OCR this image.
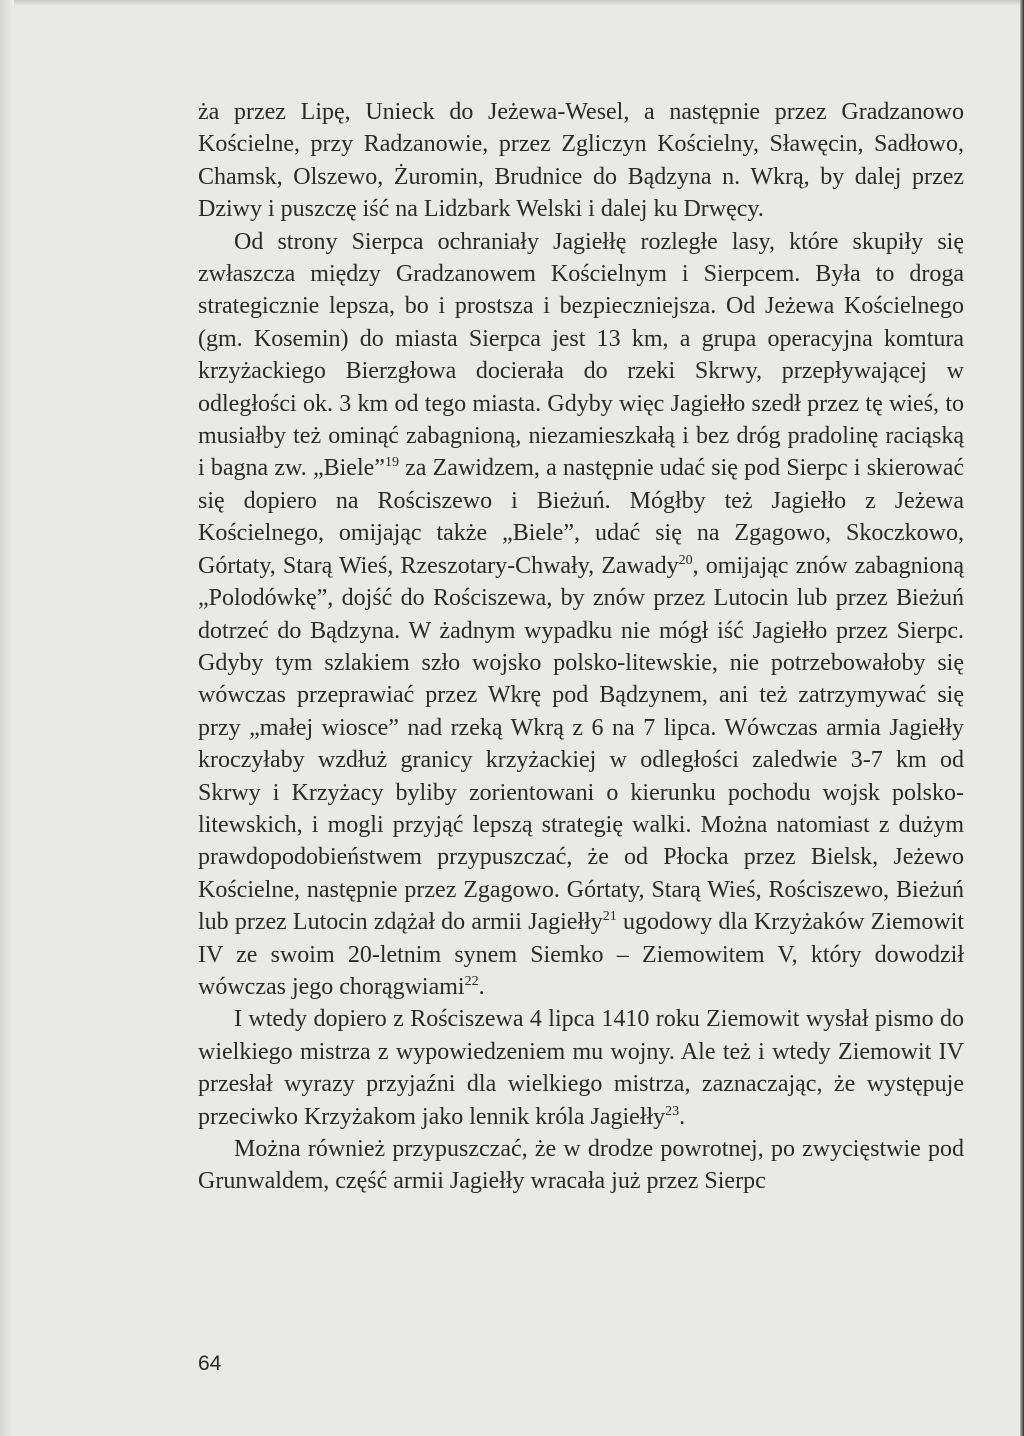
ża przez Lipę, Unieck do Jeżewa-Wesel, a następnie przez Gradzanowo Kościelne, przy Radzanowie, przez Zgliczyn Kościelny, Sławęcin, Sadłowo, Chamsk, Olszewo, Żuromin, Brudnice do Bądzyna n. Wkrą, by dalej przez Dziwy i puszczę iść na Lidzbark Welski i dalej ku Drwęcy.

Od strony Sierpca ochraniały Jagiełłę rozległe lasy, które skupiły się zwłaszcza między Gradzanowem Kościelnym i Sierpcem. Była to droga strategicznie lepsza, bo i prostsza i bezpieczniejsza. Od Jeżewa Kościelnego (gm. Kosemin) do miasta Sierpca jest 13 km, a grupa operacyjna komtura krzyżackiego Bierzgłowa docierała do rzeki Skrwy, przepływającej w odległości ok. 3 km od tego miasta. Gdyby więc Jagiełło szedł przez tę wieś, to musiałby też ominąć zabagnioną, niezamieszkałą i bez dróg pradolinę raciąską i bagna zw. „Biele”$^{19}$ za Zawidzem, a następnie udać się pod Sierpc i skierować się dopiero na Rościszewo i Bieżuń. Mógłby też Jagiełło z Jeżewa Kościelnego, omijając także „Biele”, udać się na Zgagowo, Skoczkowo, Górtaty, Starą Wieś, Rzeszotary-Chwały, Zawady$^{20}$, omijając znów zabagnioną „Polodówkę”, dojść do Rościszewa, by znów przez Lutocin lub przez Bieżuń dotrzeć do Bądzyna. W żadnym wypadku nie mógł iść Jagiełło przez Sierpc. Gdyby tym szlakiem szło wojsko polsko-litewskie, nie potrzebowałoby się wówczas przeprawiać przez Wkrę pod Bądzynem, ani też zatrzymywać się przy „małej wiosce” nad rzeką Wkrą z 6 na 7 lipca. Wówczas armia Jagiełły kroczyłaby wzdłuż granicy krzyżackiej w odległości zaledwie 3-7 km od Skrwy i Krzyżacy byliby zorientowani o kierunku pochodu wojsk polsko-litewskich, i mogli przyjąć lepszą strategię walki. Można natomiast z dużym prawdopodobieństwem przypuszczać, że od Płocka przez Bielsk, Jeżewo Kościelne, następnie przez Zgagowo. Górtaty, Starą Wieś, Rościszewo, Bieżuń lub przez Lutocin zdążał do armii Jagiełły$^{21}$ ugodowy dla Krzyżaków Ziemowit IV ze swoim 20-letnim synem Siemko – Ziemowitem V, który dowodził wówczas jego chorągwiami$^{22}$.

I wtedy dopiero z Rościszewa 4 lipca 1410 roku Ziemowit wysłał pismo do wielkiego mistrza z wypowiedzeniem mu wojny. Ale też i wtedy Ziemowit IV przesłał wyrazy przyjaźni dla wielkiego mistrza, zaznaczając, że występuje przeciwko Krzyżakom jako lennik króla Jagiełły$^{23}$.

Można również przypuszczać, że w drodze powrotnej, po zwycięstwie pod Grunwaldem, część armii Jagiełły wracała już przez Sierpc

64
